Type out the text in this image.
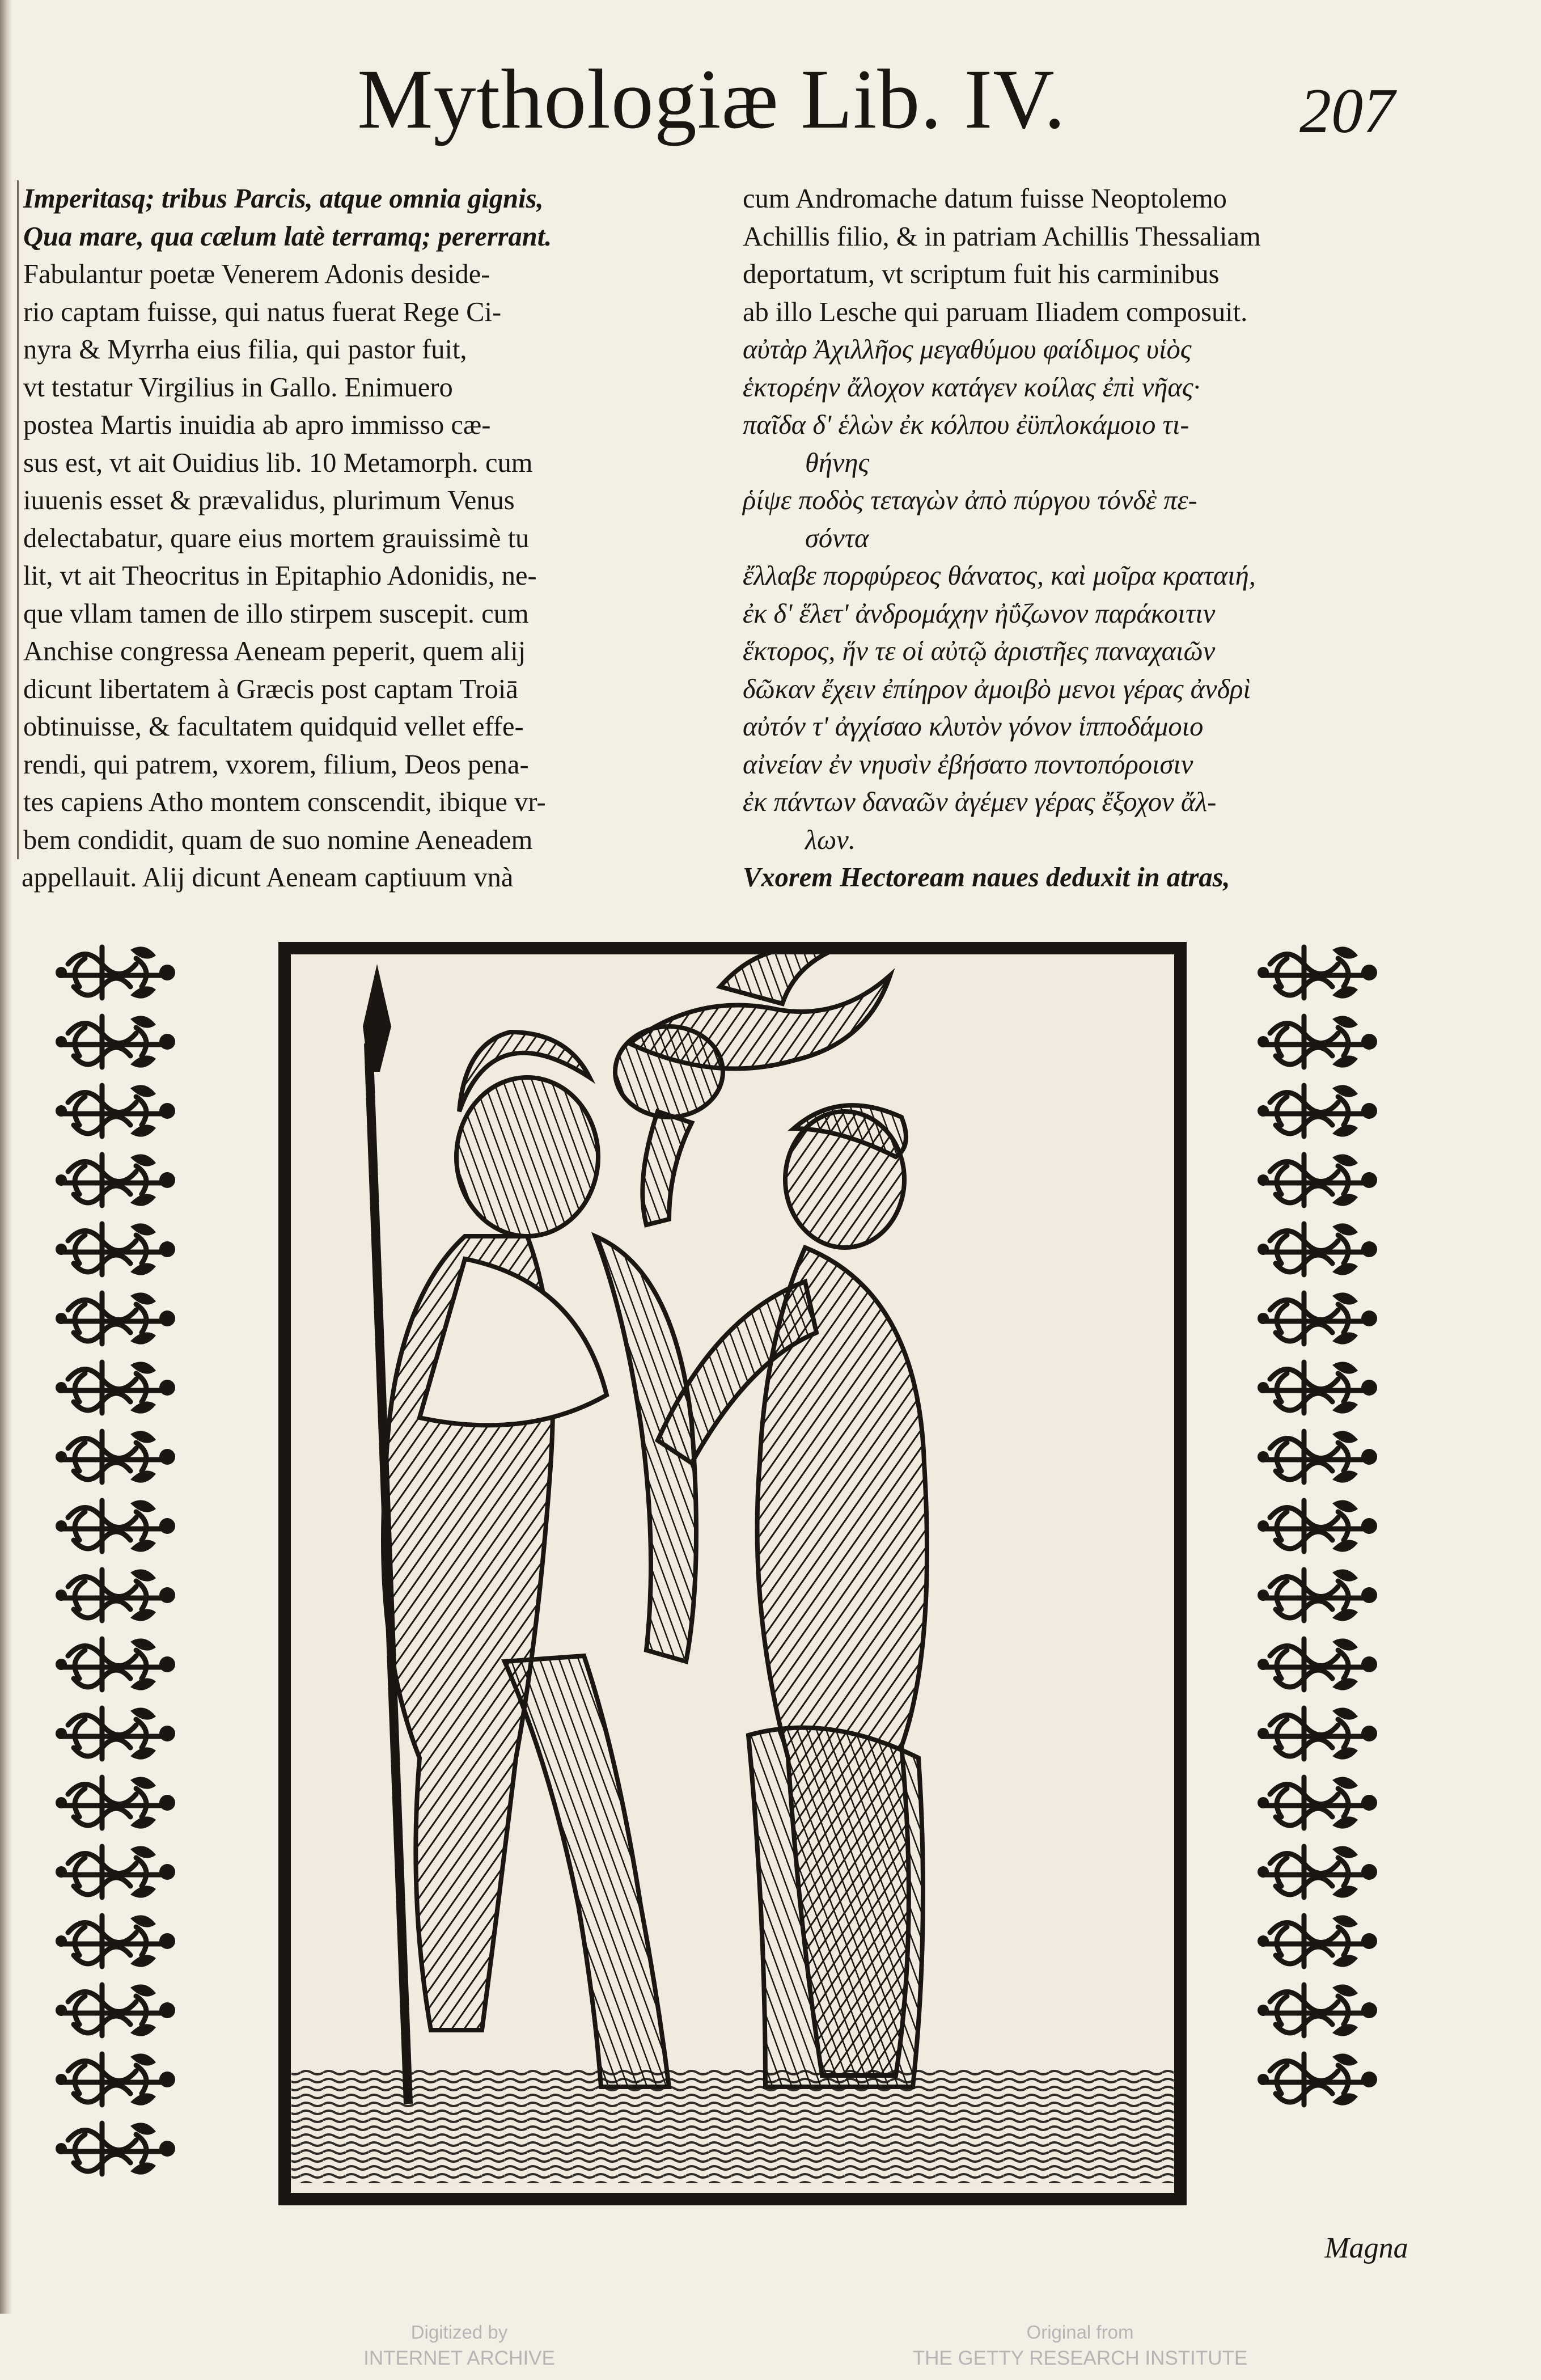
Mythologiæ Lib. IV.	207

Imperitasq; tribus Parcis, atque omnia gignis,

Qua mare, qua cælum latè terramq; pererrant.

Fabulantur poetæ Venerem Adonis deside-

rio captam fuisse, qui natus fuerat Rege Ci-

nyra & Myrrha eius filia, qui pastor fuit,

vt testatur Virgilius in Gallo. Enimuero

postea Martis inuidia ab apro immisso cæ-

sus est, vt ait Ouidius lib. 10 Metamorph. cum

iuuenis esset & prævalidus, plurimum Venus

delectabatur, quare eius mortem grauissimè tu

lit, vt ait Theocritus in Epitaphio Adonidis, ne-

que vllam tamen de illo stirpem suscepit. cum

Anchise congressa Aeneam peperit, quem alij

dicunt libertatem à Græcis post captam Troiā

obtinuisse, & facultatem quidquid vellet effe-

rendi, qui patrem, vxorem, filium, Deos pena-

tes capiens Atho montem conscendit, ibique vr-

bem condidit, quam de suo nomine Aeneadem

appellauit. Alij dicunt Aeneam captiuum vnà

cum Andromache datum fuisse Neoptolemo

Achillis filio, & in patriam Achillis Thessaliam

deportatum, vt scriptum fuit his carminibus

ab illo Lesche qui paruam Iliadem composuit.

αὐτὰρ Ἀχιλλῆος μεγαθύμου φαίδιμος υἱὸς

ἑκτορέην ἄλοχον κατάγεν κοίλας ἐπὶ νῆας·

παῖδα δ' ἑλὼν ἐκ κόλπου ἐϋπλοκάμοιο τι-

θήνης

ῥίψε ποδὸς τεταγὼν ἀπὸ πύργου τόνδὲ πε-

σόντα

ἔλλαβε πορφύρεος θάνατος, καὶ μοῖρα κραταιή,

ἐκ δ' ἕλετ' ἀνδρομάχην ἠΰζωνον παράκοιτιν

ἕκτορος, ἥν τε οἱ αὐτῷ ἀριστῆες παναχαιῶν

δῶκαν ἔχειν ἐπίηρον ἀμοιβὸ μενοι γέρας ἀνδρὶ

αὐτόν τ' ἀγχίσαο κλυτὸν γόνον ἱπποδάμοιο

αἰνείαν ἐν νηυσὶν ἐβήσατο ποντοπόροισιν

ἐκ πάντων δαναῶν ἀγέμεν γέρας ἔξοχον ἄλ-

λων.

Vxorem Hectoream naues deduxit in atras,

Magna
Digitized by
INTERNET ARCHIVE
Original from
THE GETTY RESEARCH INSTITUTE
